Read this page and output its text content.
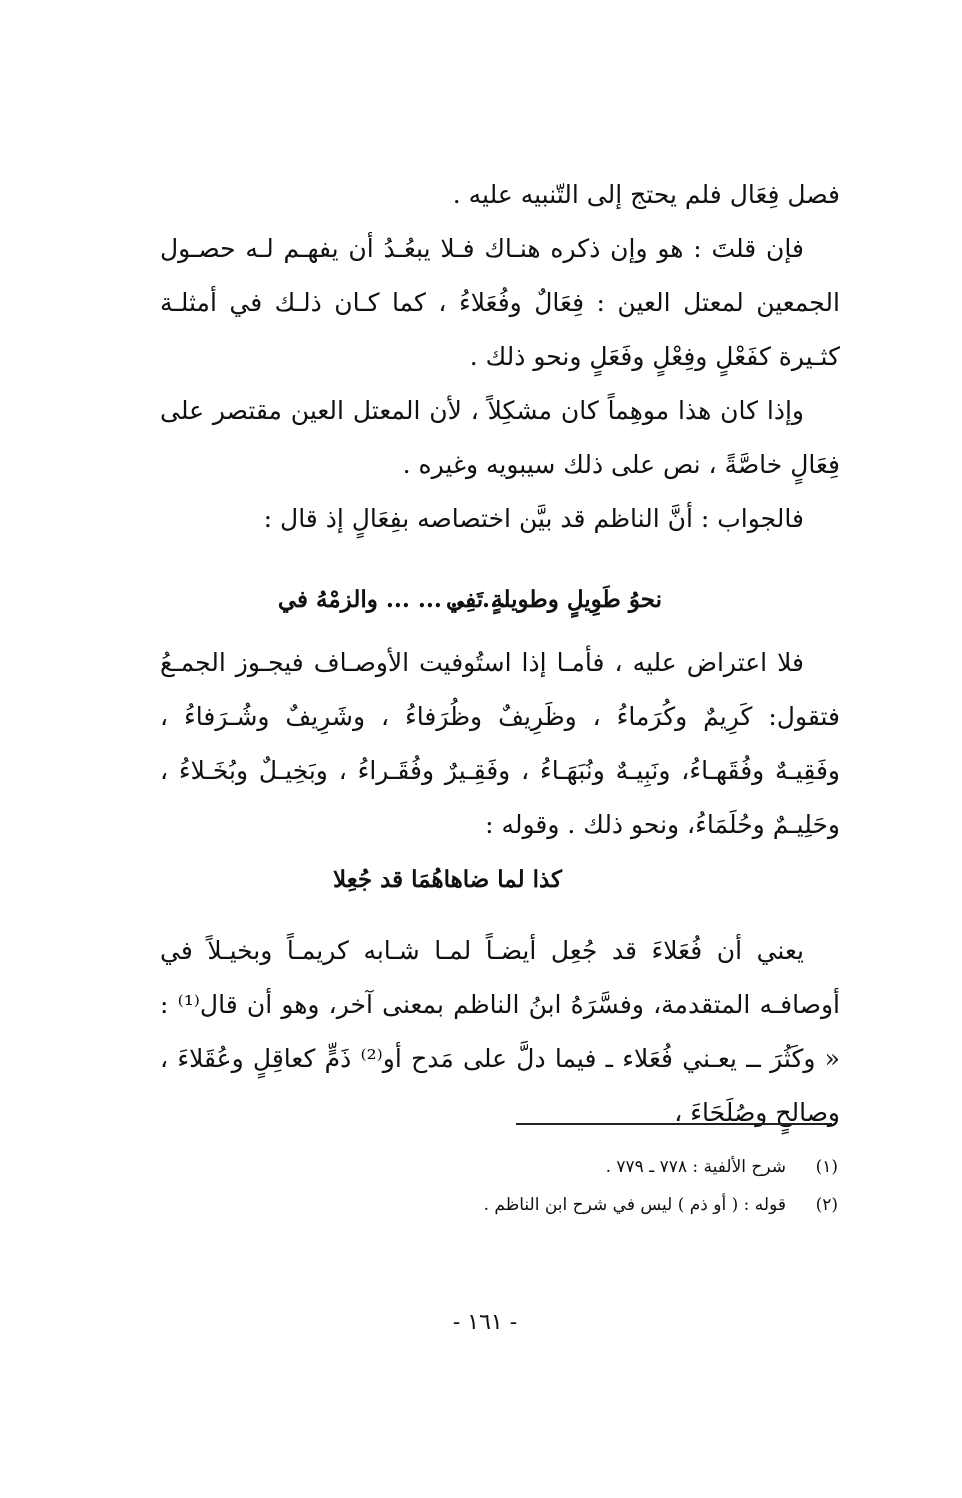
فصل فِعَال فلم يحتج إلى التّنبيه عليه .

فإن قلتَ : هو وإن ذكره هنـاك فـلا يبعُـدُ أن يفهـم لـه حصـول الجمعين لمعتل العين : فِعَالٌ وفُعَلاءُ ، كما كـان ذلـك في أمثلـة كثـيرة كفَعْلٍ وفِعْلٍ وفَعَلٍ ونحو ذلك .

وإذا كان هذا موهِماً كان مشكِلاً ، لأن المعتل العين مقتصر على فِعَالٍ خاصَّةً ، نص على ذلك سيبويه وغيره .

فالجواب : أنَّ الناظم قد بيَّن اختصاصه بفِعَالٍ إذ قال :

نحوُ طَوِيلٍ وطويلةٍ تَفِي
... ... ... ... والزمْهُ في

فلا اعتراض عليه ، فأمـا إذا استُوفيت الأوصـاف فيجـوز الجمـعُ فتقول: كَرِيمٌ وكُرَماءُ ، وظَرِيفٌ وظُرَفاءُ ، وشَرِيفٌ وشُـرَفاءُ ، وفَقِيـهٌ وفُقَهـاءُ، ونَبِيـهٌ ونُبَهَـاءُ ، وفَقِـيرٌ وفُقَـراءُ ، وبَخِيـلٌ وبُخَـلاءُ ، وحَلِيـمٌ وحُلَمَاءُ، ونحو ذلك . وقوله :

كذا لما ضاهاهُمَا قد جُعِلا

يعني أن فُعَلاءَ قد جُعِل أيضـاً لمـا شـابه كريمـاً وبخيـلاً في أوصافـه المتقدمة، وفسَّرَهُ ابنُ الناظم بمعنى آخر، وهو أن قال⁽¹⁾ : « وكَثُرَ ــ يعـني فُعَلاء ـ فيما دلَّ على مَدح أو⁽²⁾ ذَمٍّ كعاقِلٍ وعُقَلاءَ ، وصالحٍ وصُلَحَاءَ ،

(١)
شرح الألفية : ٧٧٨ ـ ٧٧٩ .
(٢)
قوله : ( أو ذم ) ليس في شرح ابن الناظم .
- ١٦١ -
